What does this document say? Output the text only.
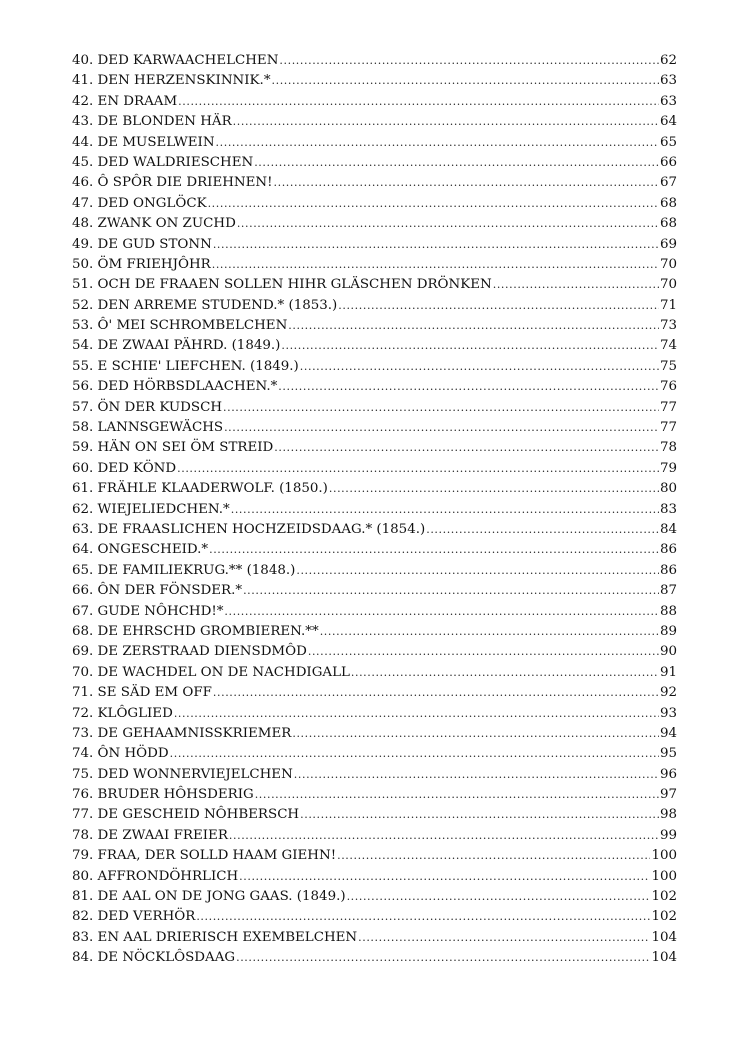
40. DED KARWAACHELCHEN .....	62
41. DEN HERZENSKINNIK.* .....	63
42. EN DRAAM .....	63
43. DE BLONDEN HÄR .....	64
44. DE MUSELWEIN .....	65
45. DED WALDRIESCHEN .....	66
46. Ô SPÔR DIE DRIEHNEN! .....	67
47. DED ONGLÖCK .....	68
48. ZWANK ON ZUCHD .....	68
49. DE GUD STONN .....	69
50. ÖM FRIEHJÔHR .....	70
51. OCH DE FRAAEN SOLLEN HIHR GLÄSCHEN DRÖNKEN .....	70
52. DEN ARREME STUDEND.* (1853.) .....	71
53. Ô' MEI SCHROMBELCHEN .....	73
54. DE ZWAAI PÄHRD. (1849.) .....	74
55. E SCHIE' LIEFCHEN. (1849.) .....	75
56. DED HÖRBSDLAACHEN.* .....	76
57. ÖN DER KUDSCH .....	77
58. LANNSGEWÄCHS .....	77
59. HÄN ON SEI ÖM STREID .....	78
60. DED KÖND .....	79
61. FRÄHLE KLAADERWOLF. (1850.) .....	80
62. WIEJELIEDCHEN.* .....	83
63. DE FRAASLICHEN HOCHZEIDSDAAG.* (1854.) .....	84
64. ONGESCHEID.* .....	86
65. DE FAMILIEKRUG.** (1848.) .....	86
66. ÔN DER FÖNSDER.* .....	87
67. GUDE NÔHCHD!* .....	88
68. DE EHRSCHD GROMBIEREN.** .....	89
69. DE ZERSTRAAD DIENSDMÔD .....	90
70. DE WACHDEL ON DE NACHDIGALL .....	91
71. SE SÄD EM OFF .....	92
72. KLÔGLIED .....	93
73. DE GEHAAMNISSKRIEMER .....	94
74. ÔN HÖDD .....	95
75. DED WONNERVIEJELCHEN .....	96
76. BRUDER HÔHSDERIG .....	97
77. DE GESCHEID NÔHBERSCH .....	98
78. DE ZWAAI FREIER .....	99
79. FRAA, DER SOLLD HAAM GIEHN! .....	100
80. AFFRONDÖHRLICH .....	100
81. DE AAL ON DE JONG GAAS. (1849.) .....	102
82. DED VERHÖR .....	102
83. EN AAL DRIERISCH EXEMBELCHEN .....	104
84. DE NÖCKLÔSDAAG .....	104
